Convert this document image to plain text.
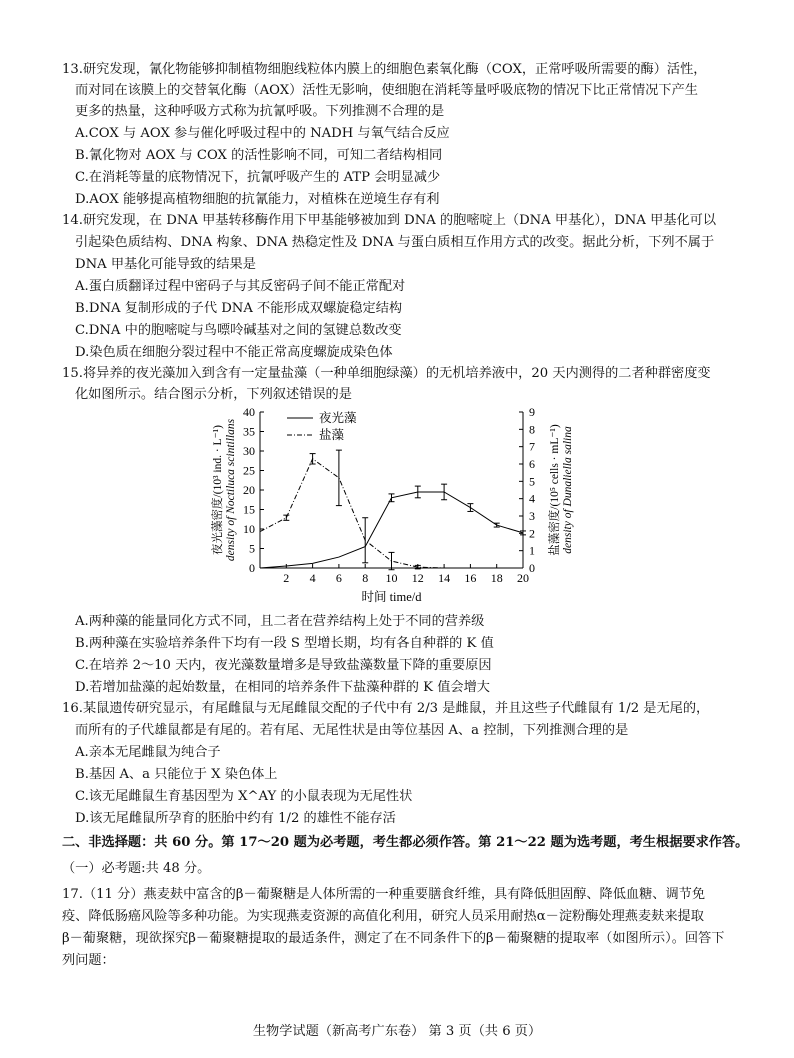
13.研究发现，氰化物能够抑制植物细胞线粒体内膜上的细胞色素氧化酶（COX，正常呼吸所需要的酶）活性，
而对同在该膜上的交替氧化酶（AOX）活性无影响，使细胞在消耗等量呼吸底物的情况下比正常情况下产生
更多的热量，这种呼吸方式称为抗氰呼吸。下列推测不合理的是
A.COX 与 AOX 参与催化呼吸过程中的 NADH 与氧气结合反应
B.氰化物对 AOX 与 COX 的活性影响不同，可知二者结构相同
C.在消耗等量的底物情况下，抗氰呼吸产生的 ATP 会明显减少
D.AOX 能够提高植物细胞的抗氰能力，对植株在逆境生存有利
14.研究发现，在 DNA 甲基转移酶作用下甲基能够被加到 DNA 的胞嘧啶上（DNA 甲基化），DNA 甲基化可以
引起染色质结构、DNA 构象、DNA 热稳定性及 DNA 与蛋白质相互作用方式的改变。据此分析，下列不属于
DNA 甲基化可能导致的结果是
A.蛋白质翻译过程中密码子与其反密码子间不能正常配对
B.DNA 复制形成的子代 DNA 不能形成双螺旋稳定结构
C.DNA 中的胞嘧啶与鸟嘌呤碱基对之间的氢键总数改变
D.染色质在细胞分裂过程中不能正常高度螺旋成染色体
15.将异养的夜光藻加入到含有一定量盐藻（一种单细胞绿藻）的无机培养液中，20 天内测得的二者种群密度变
化如图所示。结合图示分析，下列叙述错误的是
2 4 6 8 10 12 14 16 18 20
0
5
10
15
20
25
30
35
40
0
1
2
3
4
5
6
7
8
9
时间 time/d
夜光藻密度/(10³ ind. · L⁻¹) density of Noctiluca scintillans	盐藻密度/(10⁵ cells · mL⁻¹) density of Dunaliella salina
夜光藻
盐藻
A.两种藻的能量同化方式不同，且二者在营养结构上处于不同的营养级
B.两种藻在实验培养条件下均有一段 S 型增长期，均有各自种群的 K 值
C.在培养 2～10 天内，夜光藻数量增多是导致盐藻数量下降的重要原因
D.若增加盐藻的起始数量，在相同的培养条件下盐藻种群的 K 值会增大
16.某鼠遗传研究显示，有尾雌鼠与无尾雌鼠交配的子代中有 2/3 是雌鼠，并且这些子代雌鼠有 1/2 是无尾的，
而所有的子代雄鼠都是有尾的。若有尾、无尾性状是由等位基因 A、a 控制，下列推测合理的是
A.亲本无尾雌鼠为纯合子
B.基因 A、a 只能位于 X 染色体上
C.该无尾雌鼠生育基因型为 X^AY 的小鼠表现为无尾性状
D.该无尾雌鼠所孕育的胚胎中约有 1/2 的雄性不能存活
二、非选择题：共 60 分。第 17～20 题为必考题，考生都必须作答。第 21～22 题为选考题，考生根据要求作答。
（一）必考题:共 48 分。
17.（11 分）燕麦麸中富含的β－葡聚糖是人体所需的一种重要膳食纤维，具有降低胆固醇、降低血糖、调节免
疫、降低肠癌风险等多种功能。为实现燕麦资源的高值化利用，研究人员采用耐热α－淀粉酶处理燕麦麸来提取
β－葡聚糖，现欲探究β－葡聚糖提取的最适条件，测定了在不同条件下的β－葡聚糖的提取率（如图所示）。回答下
列问题：
生物学试题（新高考广东卷） 第 3 页（共 6 页）
